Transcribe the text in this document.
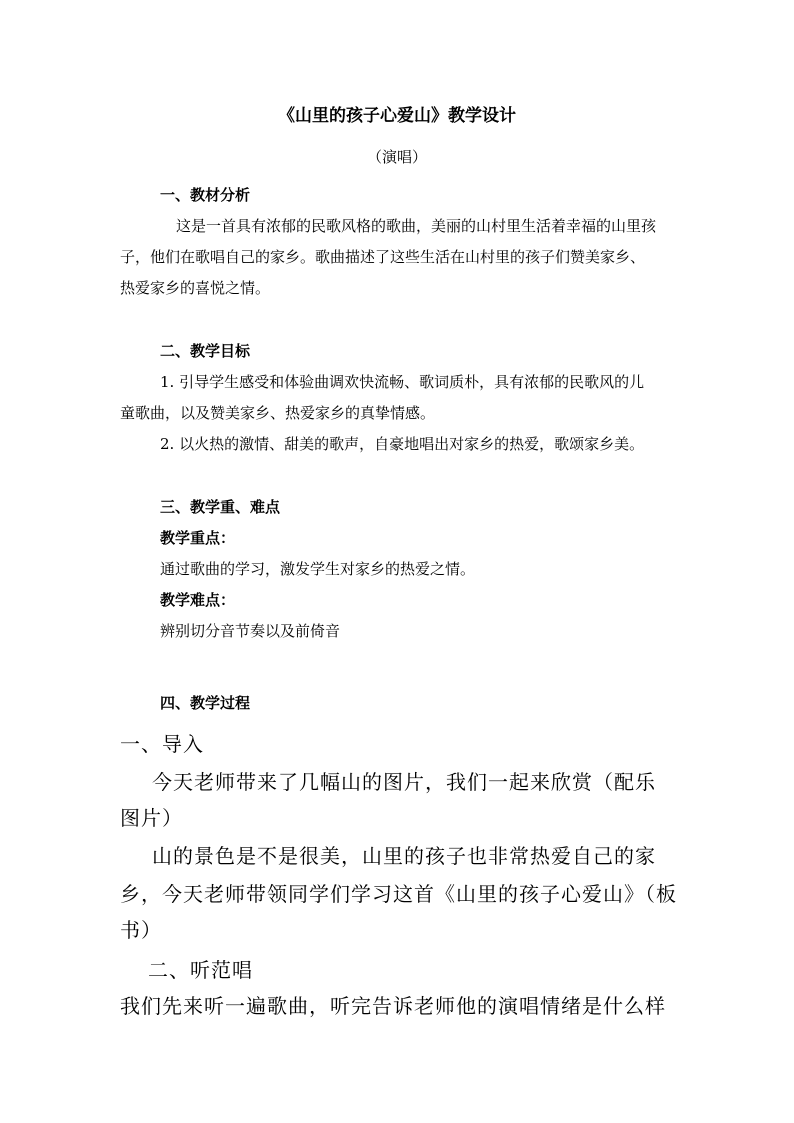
《山里的孩子心爱山》教学设计
（演唱）
一、教材分析
这是一首具有浓郁的民歌风格的歌曲，美丽的山村里生活着幸福的山里孩
子，他们在歌唱自己的家乡。歌曲描述了这些生活在山村里的孩子们赞美家乡、
热爱家乡的喜悦之情。
二、教学目标
1. 引导学生感受和体验曲调欢快流畅、歌词质朴，具有浓郁的民歌风的儿
童歌曲，以及赞美家乡、热爱家乡的真挚情感。
2. 以火热的激情、甜美的歌声，自豪地唱出对家乡的热爱，歌颂家乡美。
三、教学重、难点
教学重点：
通过歌曲的学习，激发学生对家乡的热爱之情。
教学难点：
辨别切分音节奏以及前倚音
四、教学过程
一、导入
今天老师带来了几幅山的图片，我们一起来欣赏（配乐
图片）
山的景色是不是很美，山里的孩子也非常热爱自己的家
乡，今天老师带领同学们学习这首《山里的孩子心爱山》（板
书）
二、听范唱
我们先来听一遍歌曲，听完告诉老师他的演唱情绪是什么样
